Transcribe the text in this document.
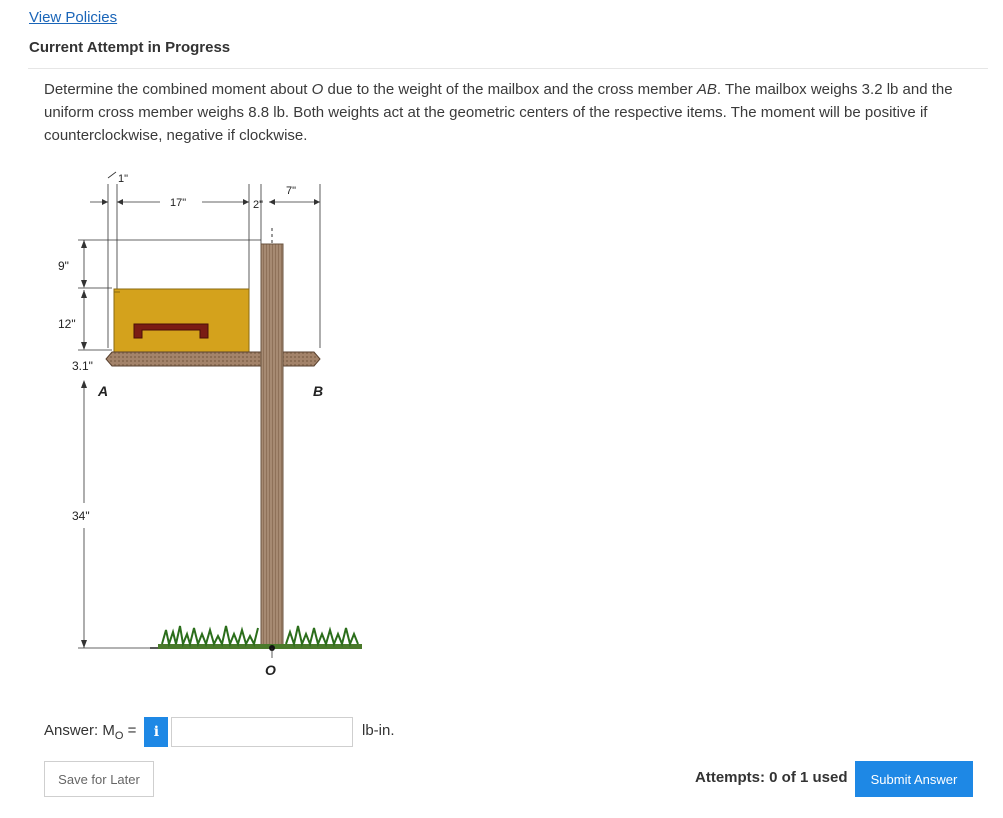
View Policies
Current Attempt in Progress
Determine the combined moment about O due to the weight of the mailbox and the cross member AB. The mailbox weighs 3.2 lb and the uniform cross member weighs 8.8 lb. Both weights act at the geometric centers of the respective items. The moment will be positive if counterclockwise, negative if clockwise.
1"
17"	2"
7"
9"
12"
3.1"
34"
A	B
O
Answer: $M_O$ =	i	lb-in.
Save for Later	Attempts: 0 of 1 used	Submit Answer
